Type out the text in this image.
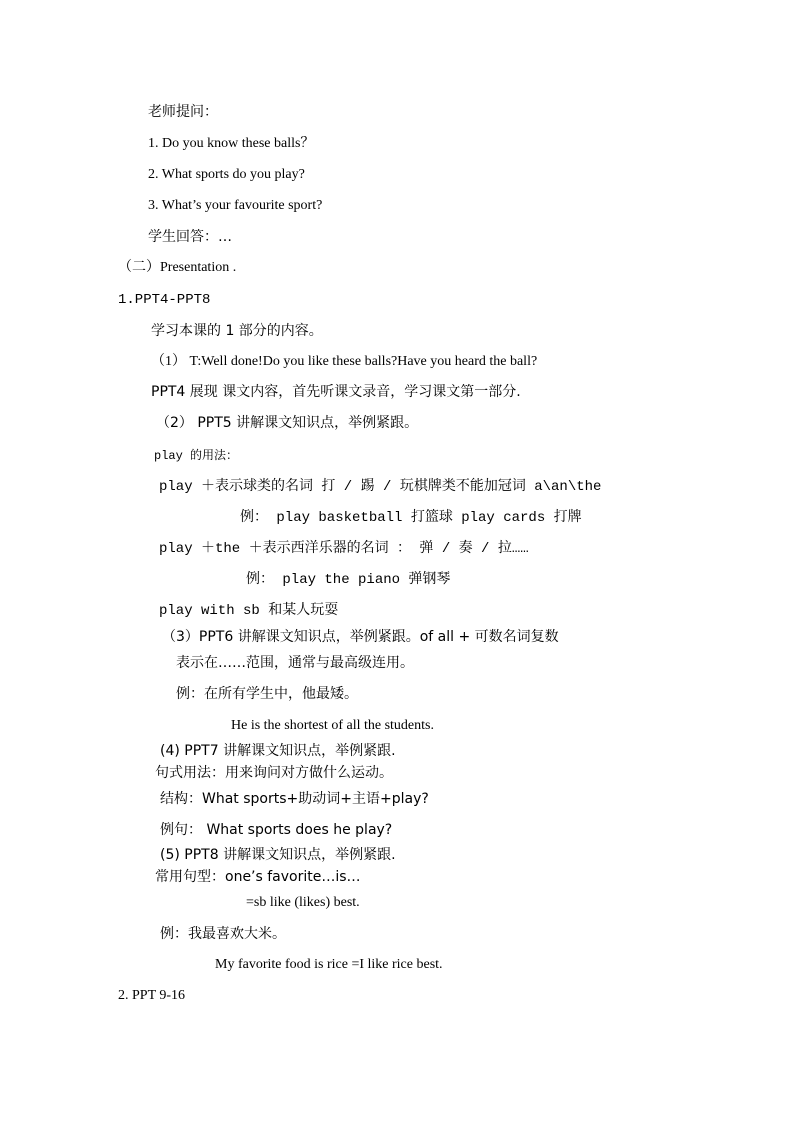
老师提问：
1. Do you know these balls？
2. What sports do you play?
3. What’s your favourite sport?
学生回答：…
（二）Presentation .
1.PPT4-PPT8
学习本课的 1 部分的内容。
（1） T:Well done!Do you like these balls?Have you heard the ball?
PPT4 展现 课文内容，首先听课文录音，学习课文第一部分.
（2） PPT5 讲解课文知识点，举例紧跟。
play 的用法：
play ＋表示球类的名词 打 / 踢 / 玩棋牌类不能加冠词 a\an\the
例： play basketball 打篮球 play cards 打牌
play ＋the ＋表示西洋乐器的名词 ： 弹 / 奏 / 拉……
例： play the piano 弹钢琴
play with sb 和某人玩耍
（3）PPT6 讲解课文知识点，举例紧跟。of all + 可数名词复数
表示在……范围，通常与最高级连用。
例：在所有学生中，他最矮。
He is the shortest of all the students.
(4) PPT7 讲解课文知识点，举例紧跟.
句式用法：用来询问对方做什么运动。
结构：What sports+助动词+主语+play?
例句： What sports does he play?
(5) PPT8 讲解课文知识点，举例紧跟.
常用句型：one’s favorite…is…
=sb like (likes) best.
例：我最喜欢大米。
My favorite food is rice =I like rice best.
2. PPT 9-16
